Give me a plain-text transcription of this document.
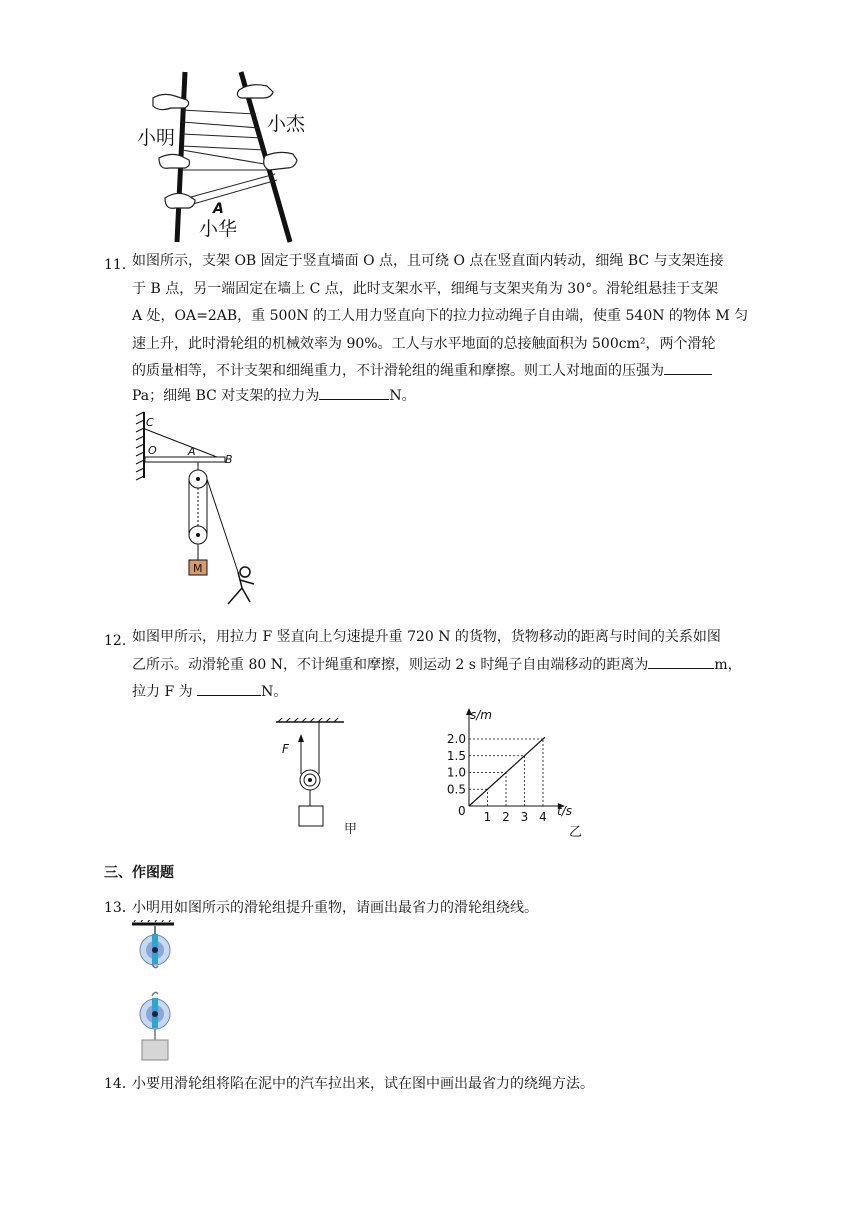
小明
小杰
小华
A
11．
如图所示，支架 OB 固定于竖直墙面 O 点，且可绕 O 点在竖直面内转动，细绳 BC 与支架连接
于 B 点，另一端固定在墙上 C 点，此时支架水平，细绳与支架夹角为 30°。滑轮组悬挂于支架
A 处，OA=2AB，重 500N 的工人用力竖直向下的拉力拉动绳子自由端，使重 540N 的物体 M 匀
速上升，此时滑轮组的机械效率为 90%。工人与水平地面的总接触面积为 500cm²，两个滑轮
的质量相等，不计支架和细绳重力，不计滑轮组的绳重和摩擦。则工人对地面的压强为
Pa；细绳 BC 对支架的拉力为	N。
C
O	A
B
M
12．
如图甲所示，用拉力 F 竖直向上匀速提升重 720 N 的货物，货物移动的距离与时间的关系如图
乙所示。动滑轮重 80 N，不计绳重和摩擦，则运动 2 s 时绳子自由端移动的距离为	m，
拉力 F 为	N。
F
甲
0.5
1.0
1.5
2.0
1 2 3 4
s/m
t/s
0
乙
三、作图题
13．
小明用如图所示的滑轮组提升重物，请画出最省力的滑轮组绕线。
14．
小要用滑轮组将陷在泥中的汽车拉出来，试在图中画出最省力的绕绳方法。
